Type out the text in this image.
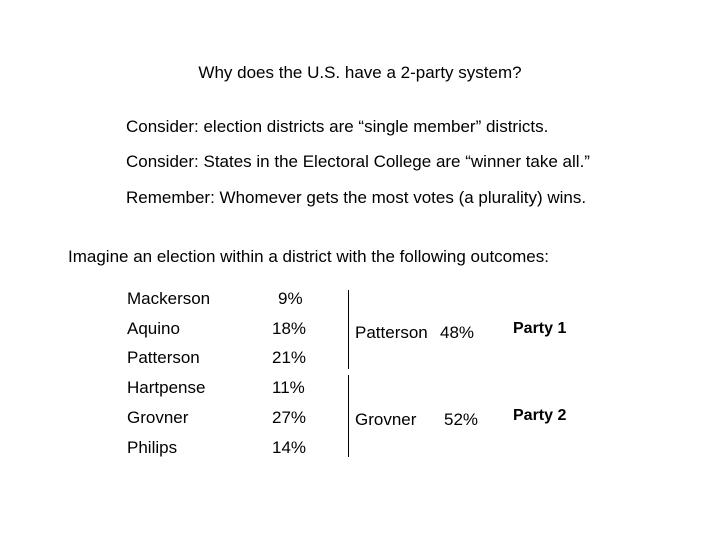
Why does the U.S. have a 2-party system?
Consider: election districts are “single member” districts.
Consider: States in the Electoral College are “winner take all.”
Remember: Whomever gets the most votes (a plurality) wins.
Imagine an election within a district with the following outcomes:
Mackerson	9%
Aquino	18%
Patterson	21%
Hartpense	11%
Grovner	27%
Philips	14%
Patterson 48% Party 1
Grovner 52% Party 2
